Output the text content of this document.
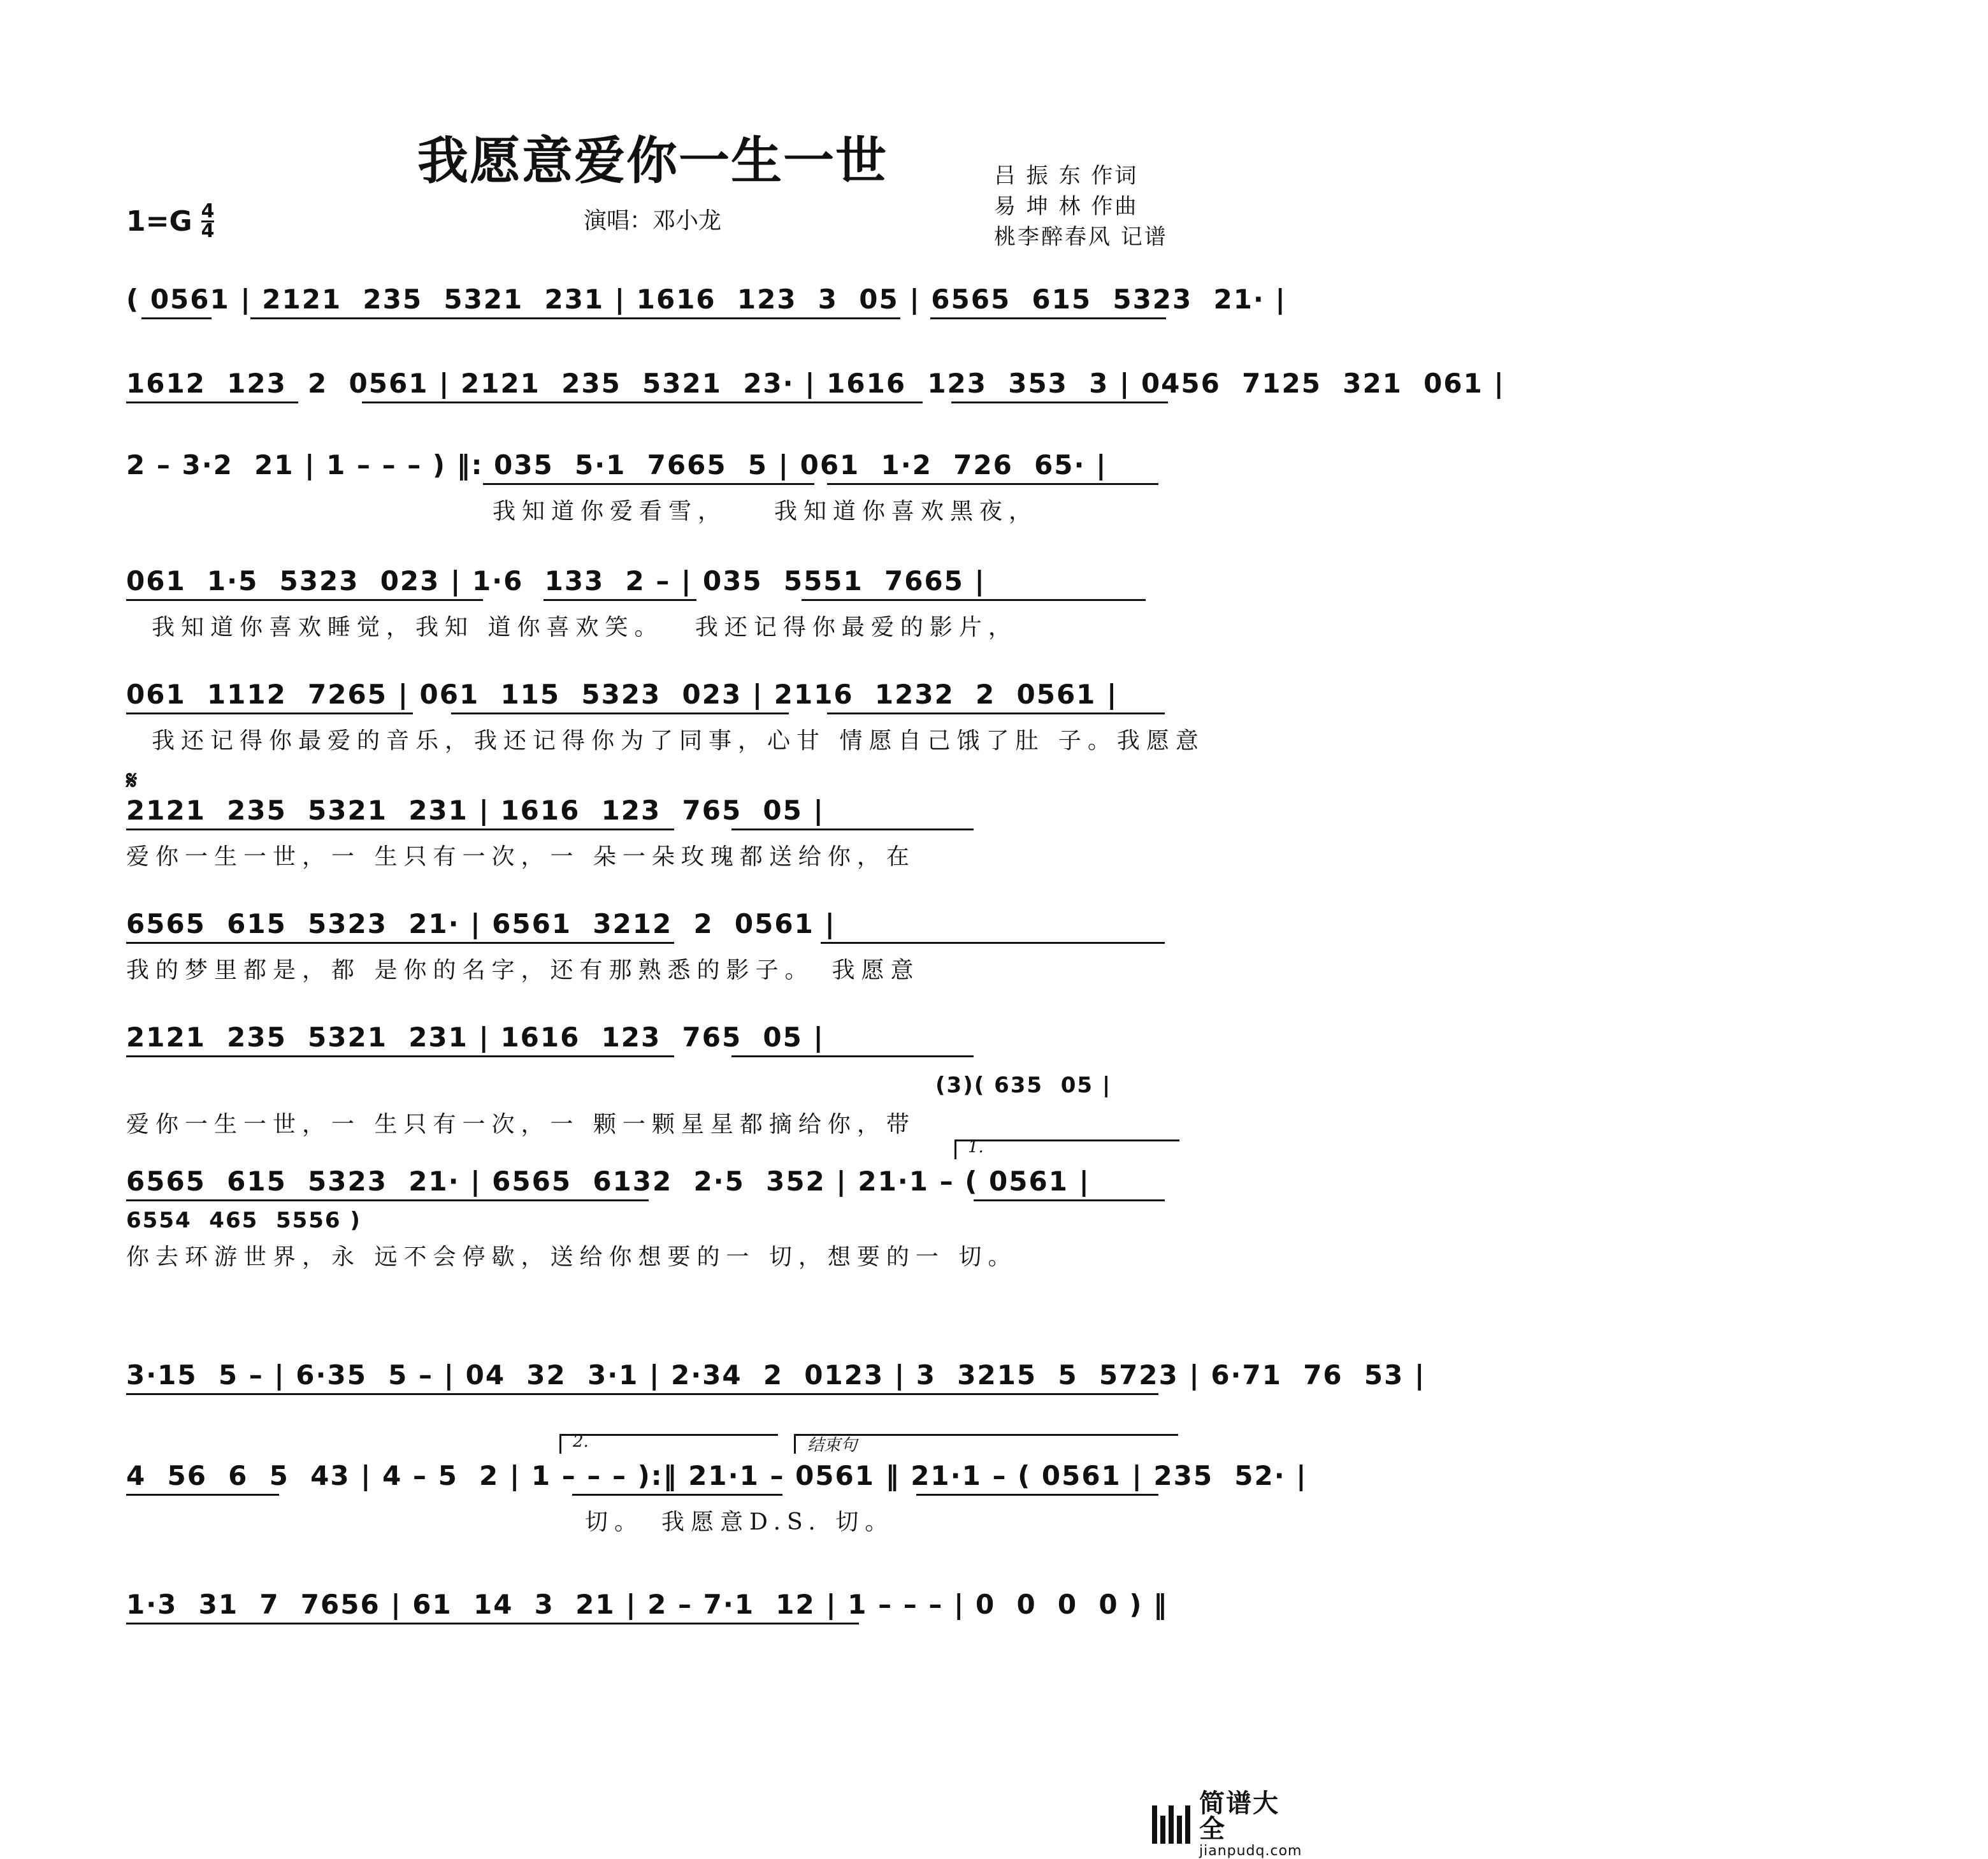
我愿意爱你一生一世
1=G 4
4	演唱：邓小龙
吕 振 东 作词
易 坤 林 作曲
桃李醉春风 记谱
( 0561 | 2121  235  5321  231 | 1616  123  3  05 | 6565  615  5323  21· |
1612  123  2  0561 | 2121  235  5321  23· | 1616  123  353  3 | 0456  7125  321  061 |
2 – 3·2  21 | 1 – – – ) ‖: 035  5·1  7665  5 | 061  1·2  726  65· |
我知道你爱看雪，　　我知道你喜欢黑夜，
061  1·5  5323  023 | 1·6  133  2 – | 035  5551  7665 |
我知道你喜欢睡觉，我知 道你喜欢笑。　 我还记得你最爱的影片，
061  1112  7265 | 061  115  5323  023 | 2116  1232  2  0561 |
我还记得你最爱的音乐，我还记得你为了同事，心甘 情愿自己饿了肚 子。我愿意
𝄋
2121  235  5321  231 | 1616  123  765  05 |
爱你一生一世，一 生只有一次，一 朵一朵玫瑰都送给你，在
6565  615  5323  21· | 6561  3212  2  0561 |
我的梦里都是，都 是你的名字，还有那熟悉的影子。　我愿意
2121  235  5321  231 | 1616  123  765  05 |
(3)( 635  05 |
爱你一生一世，一 生只有一次，一 颗一颗星星都摘给你，带
6565  615  5323  21· | 6565  6132  2·5  352 | 21·1 – ( 0561 |
1.
6554  465  5556 )
你去环游世界，永 远不会停歇，送给你想要的一 切，想要的一 切。
3·15  5 – | 6·35  5 – | 04  32  3·1 | 2·34  2  0123 | 3  3215  5  5723 | 6·71  76  53 |
4  56  6  5  43 | 4 – 5  2 | 1 – – – ):‖ 21·1 – 0561 ‖ 21·1 – ( 0561 | 235  52· |
2.	结束句
切。　我愿意D.S. 切。
1·3  31  7  7656 | 61  14  3  21 | 2 – 7·1  12 | 1 – – – | 0  0  0  0 ) ‖
简谱大全
jianpudq.com
